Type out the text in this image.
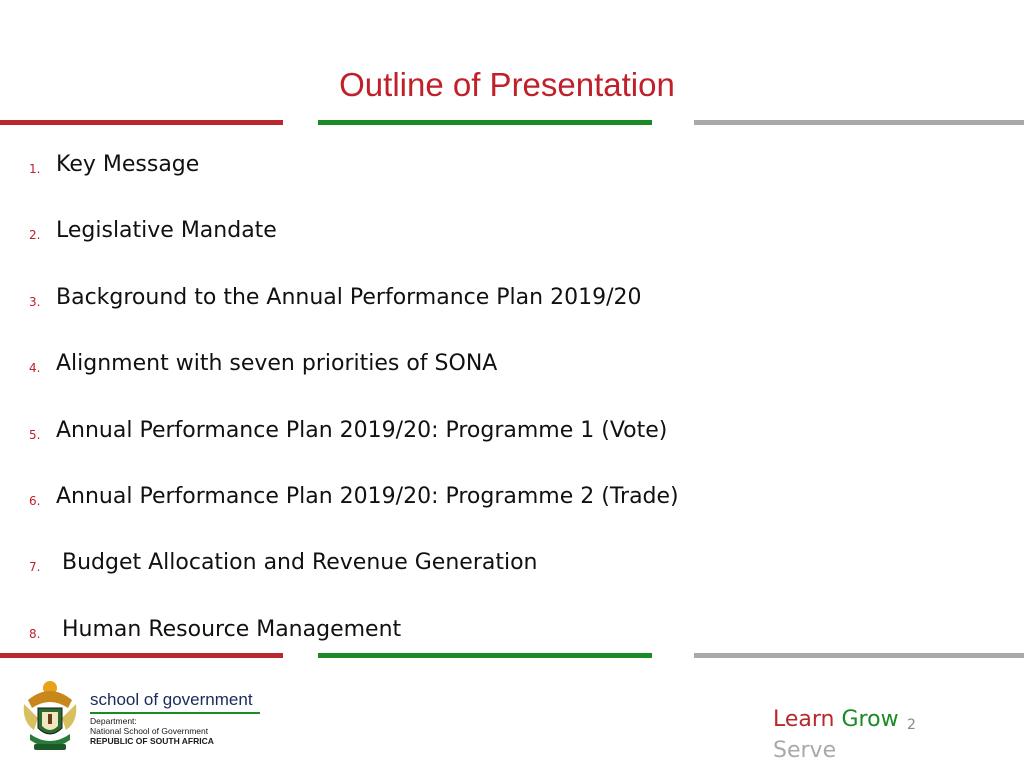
Outline of Presentation
1. Key Message
2. Legislative Mandate
3. Background to the Annual Performance Plan 2019/20
4. Alignment with seven priorities of SONA
5. Annual Performance Plan 2019/20: Programme 1 (Vote)
6. Annual Performance Plan 2019/20: Programme 2 (Trade)
7. Budget Allocation and Revenue Generation
8. Human Resource Management
school of government
Department:
National School of Government
REPUBLIC OF SOUTH AFRICA
Learn Grow
Serve
2
